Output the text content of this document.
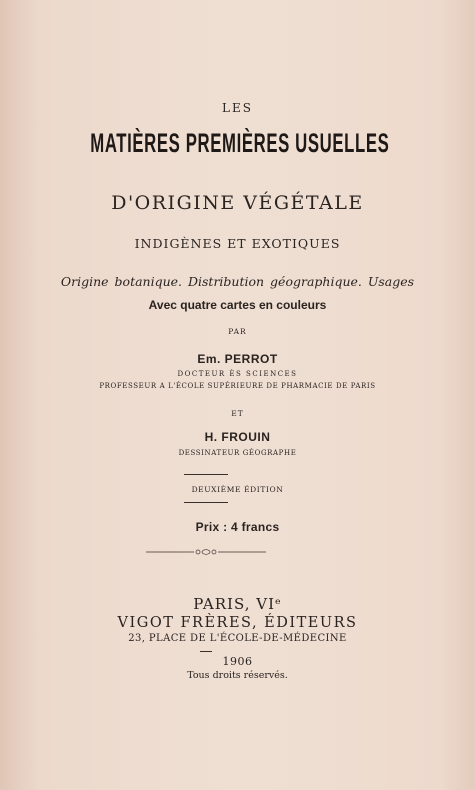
LES
MATIÈRES PREMIÈRES USUELLES
D'ORIGINE VÉGÉTALE
INDIGÈNES ET EXOTIQUES
Origine botanique. Distribution géographique. Usages
Avec quatre cartes en couleurs
PAR
Em. PERROT
DOCTEUR ÈS SCIENCES
PROFESSEUR A L'ÉCOLE SUPÉRIEURE DE PHARMACIE DE PARIS
ET
H. FROUIN
DESSINATEUR GÉOGRAPHE
DEUXIÈME ÉDITION
Prix : 4 francs
PARIS, VIᵉ
VIGOT FRÈRES, ÉDITEURS
23, PLACE DE L'ÉCOLE-DE-MÉDECINE
1906
Tous droits réservés.
